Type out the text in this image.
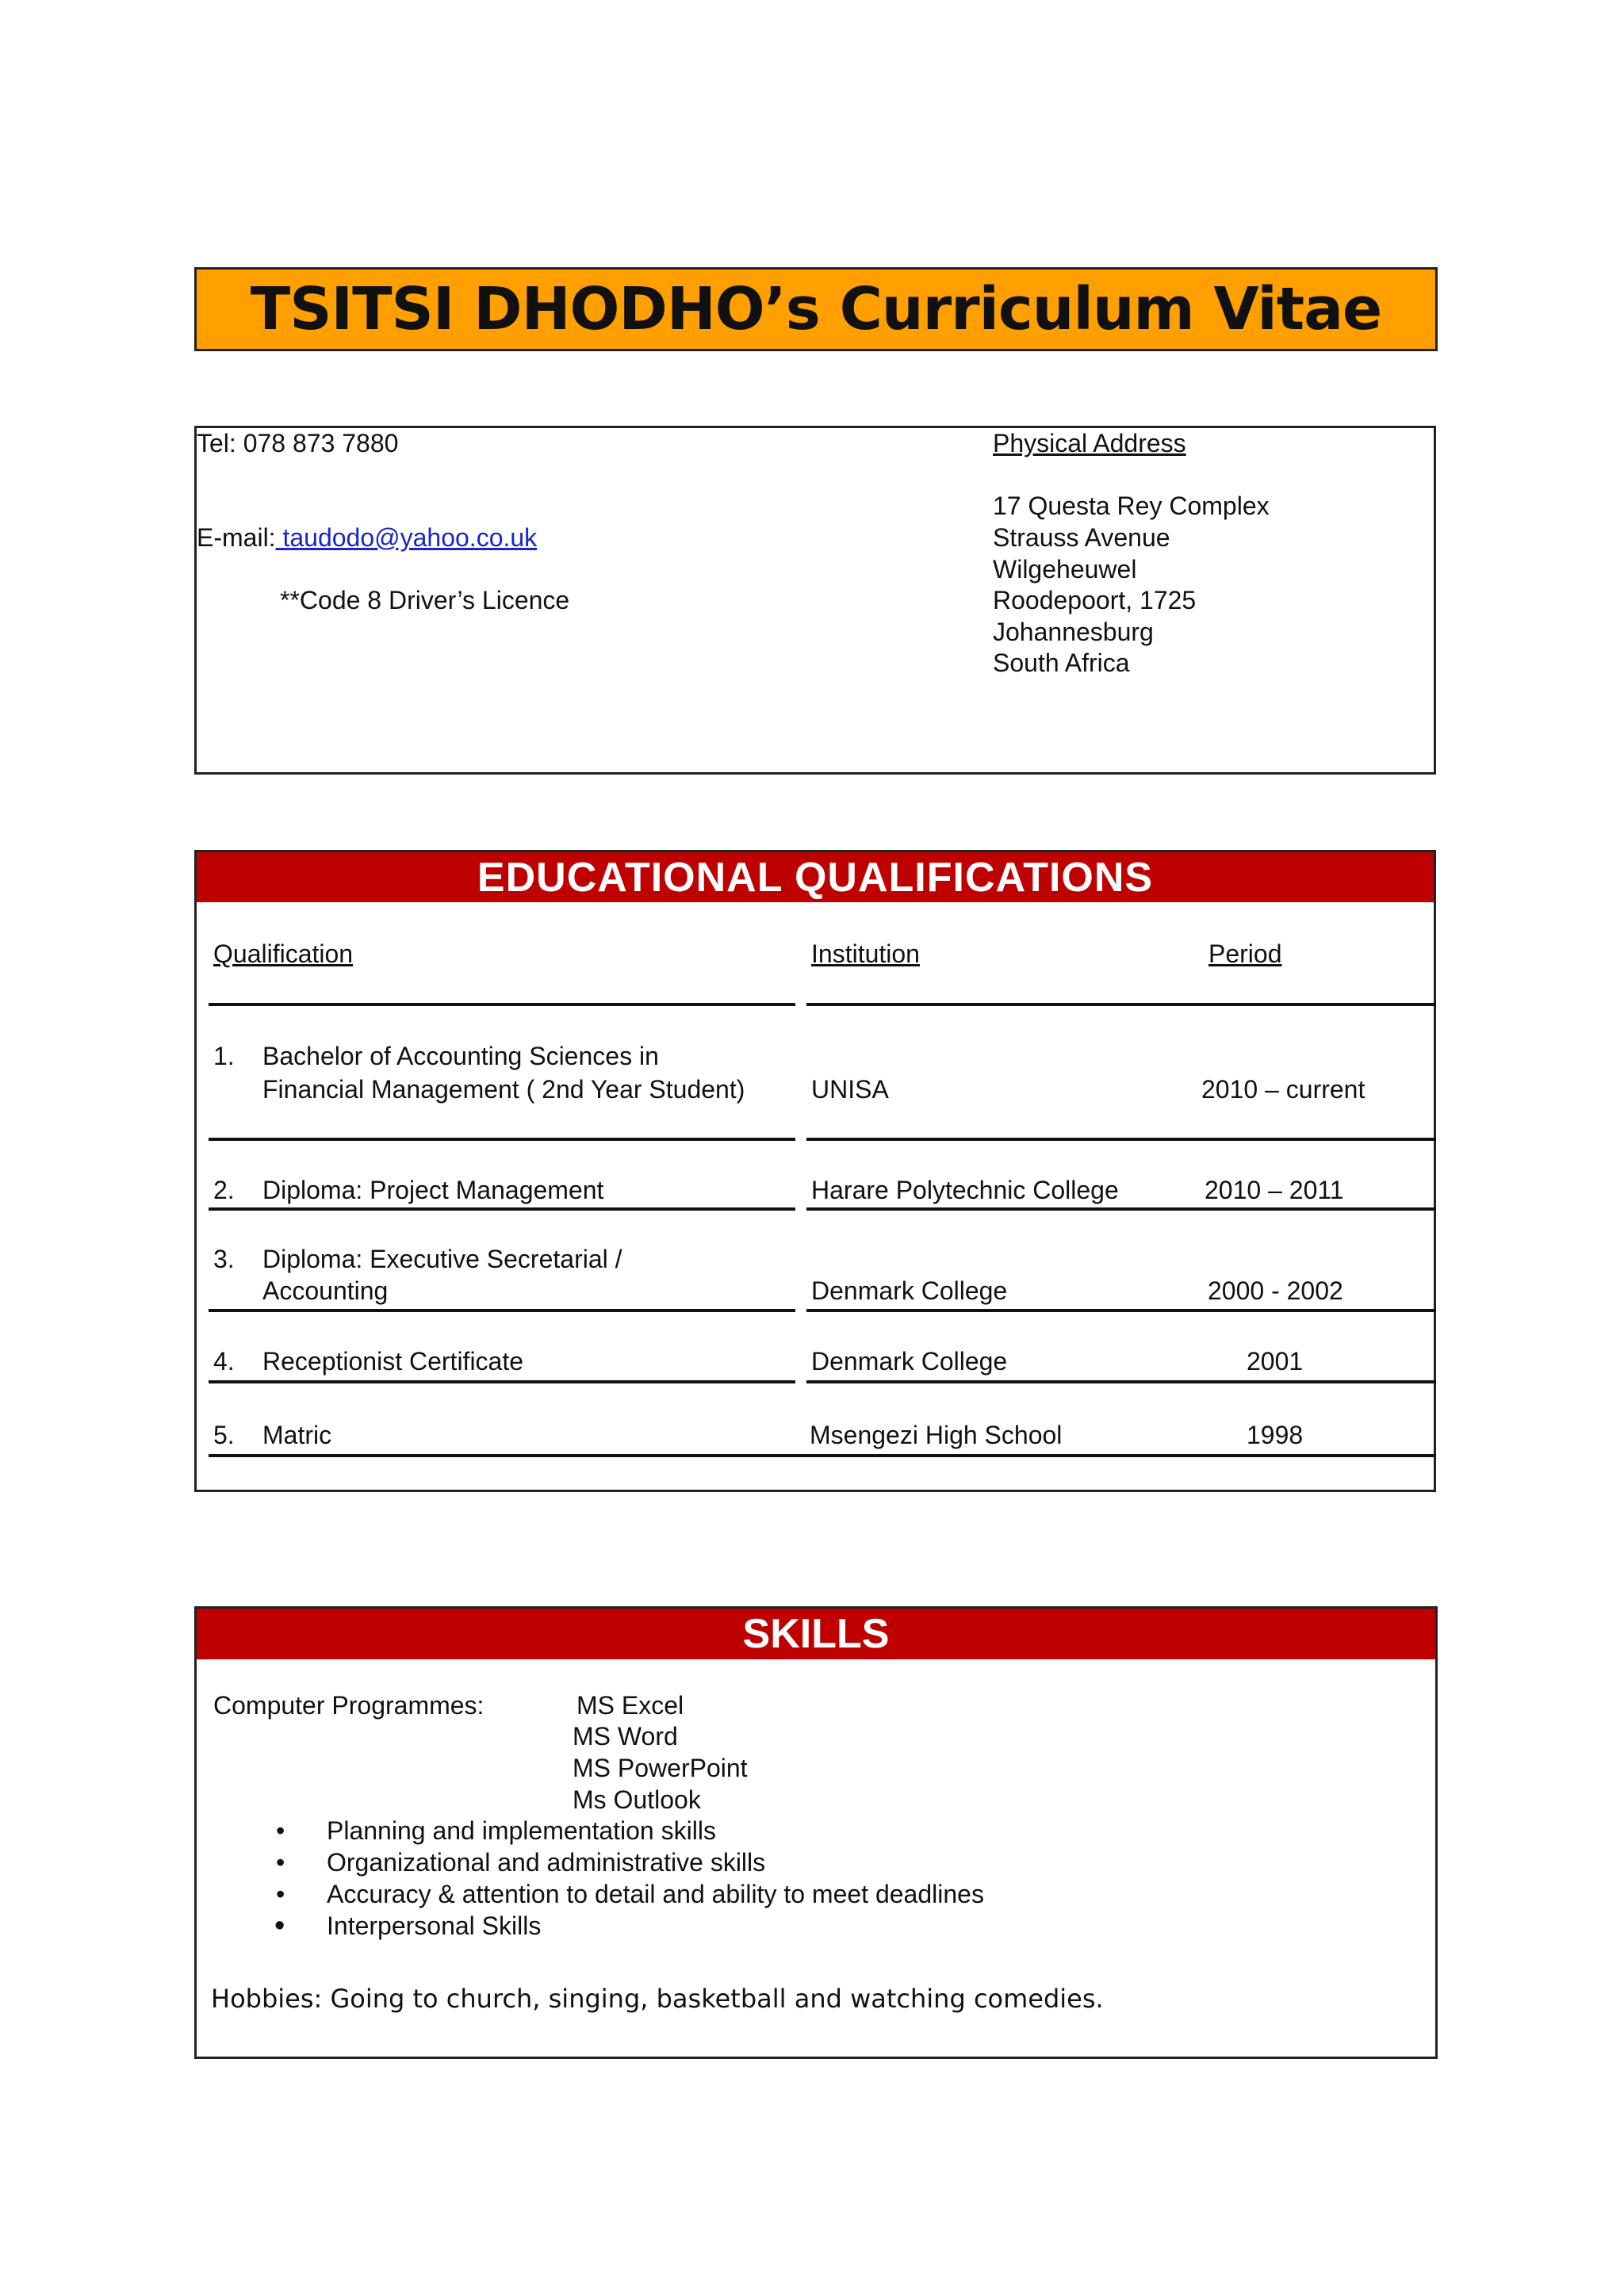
TSITSI DHODHO’s Curriculum Vitae
Tel: 078 873 7880
E-mail: taudodo@yahoo.co.uk
**Code 8 Driver’s Licence
Physical Address
17 Questa Rey Complex
Strauss Avenue
Wilgeheuwel
Roodepoort, 1725
Johannesburg
South Africa
EDUCATIONAL QUALIFICATIONS
Qualification	Institution	Period
1. Bachelor of Accounting Sciences in
Financial Management ( 2nd Year Student)	UNISA	2010 – current
2. Diploma: Project Management	Harare Polytechnic College	2010 – 2011
3. Diploma: Executive Secretarial /
Accounting	Denmark College	2000 - 2002
4. Receptionist Certificate	Denmark College	2001
5. Matric	Msengezi High School	1998
SKILLS
Computer Programmes:	MS Excel
MS Word
MS PowerPoint
Ms Outlook
• Planning and implementation skills
• Organizational and administrative skills
• Accuracy & attention to detail and ability to meet deadlines
• Interpersonal Skills
Hobbies: Going to church, singing, basketball and watching comedies.
